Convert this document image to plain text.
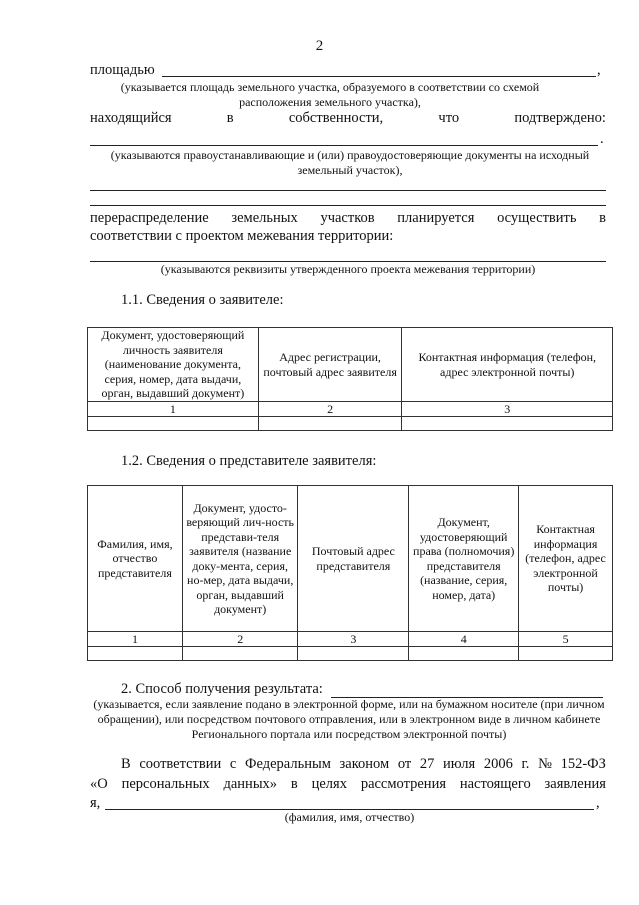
2
площадью	,
(указывается площадь земельного участка, образуемого в соответствии со схемой расположения земельного участка),
находящийся	в	собственности,	что	подтверждено:
.
(указываются правоустанавливающие и (или) правоудостоверяющие документы на исходный земельный участок),
перераспределение земельных участков планируется осуществить в
соответствии с проектом межевания территории:
(указываются реквизиты утвержденного проекта межевания территории)
1.1. Сведения о заявителе:
Документ, удостоверяющий личность заявителя (наименование документа, серия, номер, дата выдачи, орган, выдавший документ)	Адрес регистрации, почтовый адрес заявителя	Контактная информация (телефон, адрес электронной почты)
1	2	3

1.2. Сведения о представителе заявителя:
Фамилия, имя, отчество представителя	Документ, удосто-веряющий лич-ность представи-теля заявителя (название доку-мента, серия, но-мер, дата выдачи, орган, выдавший документ)	Почтовый адрес представителя	Документ, удостоверяющий права (полномочия) представителя (название, серия, номер, дата)	Контактная информация (телефон, адрес электронной почты)
1	2	3	4	5

2. Способ получения результата:
(указывается, если заявление подано в электронной форме, или на бумажном носителе (при личном обращении), или посредством почтового отправления, или в электронном виде в личном кабинете Регионального портала или посредством электронной почты)
В соответствии с Федеральным законом от 27 июля 2006 г. № 152-ФЗ
«О персональных данных» в целях рассмотрения настоящего заявления
я,	,
(фамилия, имя, отчество)
